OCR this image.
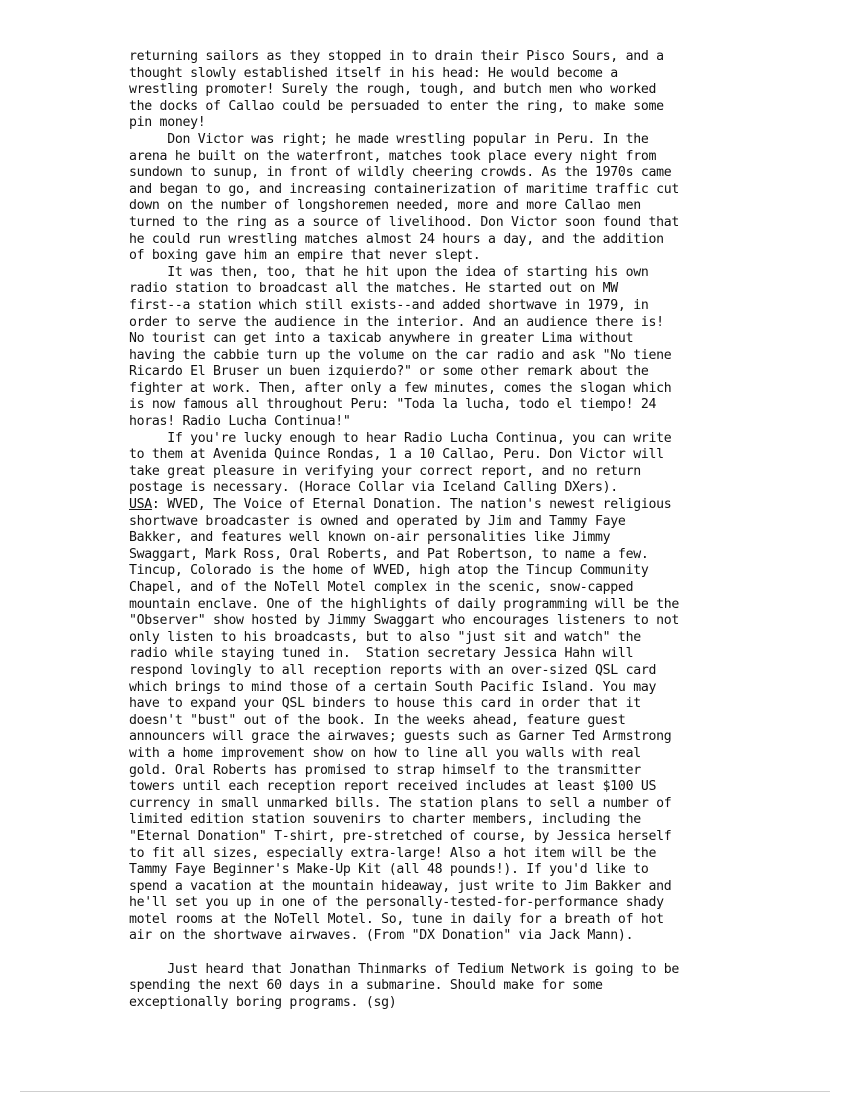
returning sailors as they stopped in to drain their Pisco Sours, and a
thought slowly established itself in his head: He would become a
wrestling promoter! Surely the rough, tough, and butch men who worked
the docks of Callao could be persuaded to enter the ring, to make some
pin money!
Don Victor was right; he made wrestling popular in Peru. In the
arena he built on the waterfront, matches took place every night from
sundown to sunup, in front of wildly cheering crowds. As the 1970s came
and began to go, and increasing containerization of maritime traffic cut
down on the number of longshoremen needed, more and more Callao men
turned to the ring as a source of livelihood. Don Victor soon found that
he could run wrestling matches almost 24 hours a day, and the addition
of boxing gave him an empire that never slept.
It was then, too, that he hit upon the idea of starting his own
radio station to broadcast all the matches. He started out on MW
first--a station which still exists--and added shortwave in 1979, in
order to serve the audience in the interior. And an audience there is!
No tourist can get into a taxicab anywhere in greater Lima without
having the cabbie turn up the volume on the car radio and ask "No tiene
Ricardo El Bruser un buen izquierdo?" or some other remark about the
fighter at work. Then, after only a few minutes, comes the slogan which
is now famous all throughout Peru: "Toda la lucha, todo el tiempo! 24
horas! Radio Lucha Continua!"
If you're lucky enough to hear Radio Lucha Continua, you can write
to them at Avenida Quince Rondas, 1 a 10 Callao, Peru. Don Victor will
take great pleasure in verifying your correct report, and no return
postage is necessary. (Horace Collar via Iceland Calling DXers).
USA: WVED, The Voice of Eternal Donation. The nation's newest religious
shortwave broadcaster is owned and operated by Jim and Tammy Faye
Bakker, and features well known on-air personalities like Jimmy
Swaggart, Mark Ross, Oral Roberts, and Pat Robertson, to name a few.
Tincup, Colorado is the home of WVED, high atop the Tincup Community
Chapel, and of the NoTell Motel complex in the scenic, snow-capped
mountain enclave. One of the highlights of daily programming will be the
"Observer" show hosted by Jimmy Swaggart who encourages listeners to not
only listen to his broadcasts, but to also "just sit and watch" the
radio while staying tuned in.  Station secretary Jessica Hahn will
respond lovingly to all reception reports with an over-sized QSL card
which brings to mind those of a certain South Pacific Island. You may
have to expand your QSL binders to house this card in order that it
doesn't "bust" out of the book. In the weeks ahead, feature guest
announcers will grace the airwaves; guests such as Garner Ted Armstrong
with a home improvement show on how to line all you walls with real
gold. Oral Roberts has promised to strap himself to the transmitter
towers until each reception report received includes at least $100 US
currency in small unmarked bills. The station plans to sell a number of
limited edition station souvenirs to charter members, including the
"Eternal Donation" T-shirt, pre-stretched of course, by Jessica herself
to fit all sizes, especially extra-large! Also a hot item will be the
Tammy Faye Beginner's Make-Up Kit (all 48 pounds!). If you'd like to
spend a vacation at the mountain hideaway, just write to Jim Bakker and
he'll set you up in one of the personally-tested-for-performance shady
motel rooms at the NoTell Motel. So, tune in daily for a breath of hot
air on the shortwave airwaves. (From "DX Donation" via Jack Mann).
Just heard that Jonathan Thinmarks of Tedium Network is going to be
spending the next 60 days in a submarine. Should make for some
exceptionally boring programs. (sg)
